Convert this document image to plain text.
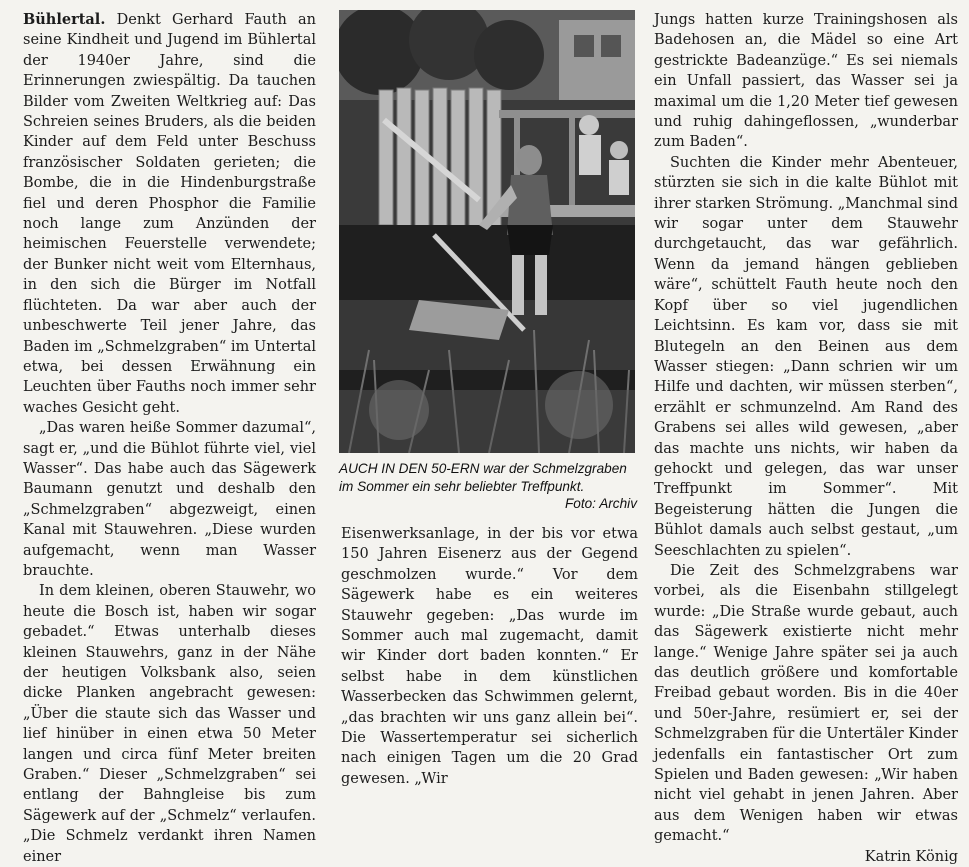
Bühlertal. Denkt Gerhard Fauth an seine Kindheit und Jugend im Bühlertal der 1940er Jahre, sind die Erinnerungen zwiespältig. Da tauchen Bilder vom Zweiten Weltkrieg auf: Das Schreien seines Bruders, als die beiden Kinder auf dem Feld unter Beschuss französischer Soldaten gerieten; die Bombe, die in die Hindenburgstraße fiel und deren Phosphor die Familie noch lange zum Anzünden der heimischen Feuerstelle verwendete; der Bunker nicht weit vom Elternhaus, in den sich die Bürger im Notfall flüchteten. Da war aber auch der unbeschwerte Teil jener Jahre, das Baden im „Schmelzgraben“ im Untertal etwa, bei dessen Erwähnung ein Leuchten über Fauths noch immer sehr waches Gesicht geht.

„Das waren heiße Sommer dazumal“, sagt er, „und die Bühlot führte viel, viel Wasser“. Das habe auch das Sägewerk Baumann genutzt und deshalb den „Schmelzgraben“ abgezweigt, einen Kanal mit Stauwehren. „Diese wurden aufgemacht, wenn man Wasser brauchte.

In dem kleinen, oberen Stauwehr, wo heute die Bosch ist, haben wir sogar gebadet.“ Etwas unterhalb dieses kleinen Stauwehrs, ganz in der Nähe der heutigen Volksbank also, seien dicke Planken angebracht gewesen: „Über die staute sich das Wasser und lief hinüber in einen etwa 50 Meter langen und circa fünf Meter breiten Graben.“ Dieser „Schmelzgraben“ sei entlang der Bahngleise bis zum Sägewerk auf der „Schmelz“ verlaufen. „Die Schmelz verdankt ihren Namen einer

AUCH IN DEN 50-ERN war der Schmelzgraben im Sommer ein sehr beliebter Treffpunkt.
Foto: Archiv

Eisenwerksanlage, in der bis vor etwa 150 Jahren Eisenerz aus der Gegend geschmolzen wurde.“ Vor dem Sägewerk habe es ein weiteres Stauwehr gegeben: „Das wurde im Sommer auch mal zugemacht, damit wir Kinder dort baden konnten.“ Er selbst habe in dem künstlichen Wasserbecken das Schwimmen gelernt, „das brachten wir uns ganz allein bei“. Die Wassertemperatur sei sicherlich nach einigen Tagen um die 20 Grad gewesen. „Wir

Jungs hatten kurze Trainingshosen als Badehosen an, die Mädel so eine Art gestrickte Badeanzüge.“ Es sei niemals ein Unfall passiert, das Wasser sei ja maximal um die 1,20 Meter tief gewesen und ruhig dahingeflossen, „wunderbar zum Baden“.

Suchten die Kinder mehr Abenteuer, stürzten sie sich in die kalte Bühlot mit ihrer starken Strömung. „Manchmal sind wir sogar unter dem Stauwehr durchgetaucht, das war gefährlich. Wenn da jemand hängen geblieben wäre“, schüttelt Fauth heute noch den Kopf über so viel jugendlichen Leichtsinn. Es kam vor, dass sie mit Blutegeln an den Beinen aus dem Wasser stiegen: „Dann schrien wir um Hilfe und dachten, wir müssen sterben“, erzählt er schmunzelnd. Am Rand des Grabens sei alles wild gewesen, „aber das machte uns nichts, wir haben da gehockt und gelegen, das war unser Treffpunkt im Sommer“. Mit Begeisterung hätten die Jungen die Bühlot damals auch selbst gestaut, „um Seeschlachten zu spielen“.

Die Zeit des Schmelzgrabens war vorbei, als die Eisenbahn stillgelegt wurde: „Die Straße wurde gebaut, auch das Sägewerk existierte nicht mehr lange.“ Wenige Jahre später sei ja auch das deutlich größere und komfortable Freibad gebaut worden. Bis in die 40er und 50er-Jahre, resümiert er, sei der Schmelzgraben für die Untertäler Kinder jedenfalls ein fantastischer Ort zum Spielen und Baden gewesen: „Wir haben nicht viel gehabt in jenen Jahren. Aber aus dem Wenigen haben wir etwas gemacht.“
Katrin König
